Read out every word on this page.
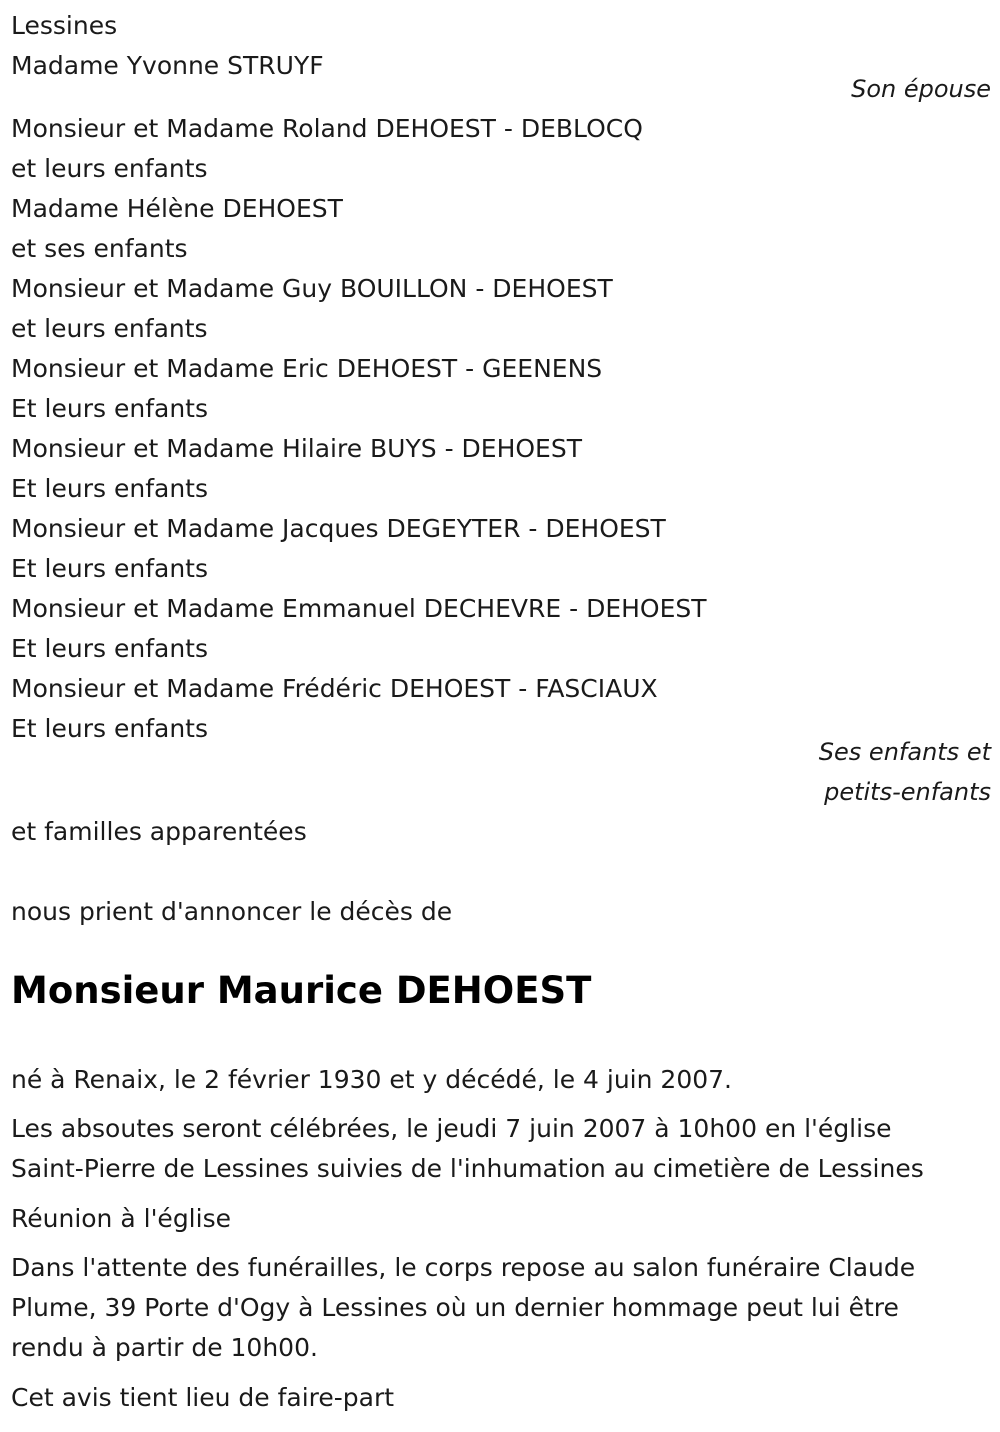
Lessines
Madame Yvonne STRUYF
Son épouse
Monsieur et Madame Roland DEHOEST - DEBLOCQ
et leurs enfants
Madame Hélène DEHOEST
et ses enfants
Monsieur et Madame Guy BOUILLON - DEHOEST
et leurs enfants
Monsieur et Madame Eric DEHOEST - GEENENS
Et leurs enfants
Monsieur et Madame Hilaire BUYS - DEHOEST
Et leurs enfants
Monsieur et Madame Jacques DEGEYTER - DEHOEST
Et leurs enfants
Monsieur et Madame Emmanuel DECHEVRE - DEHOEST
Et leurs enfants
Monsieur et Madame Frédéric DEHOEST - FASCIAUX
Et leurs enfants
Ses enfants et
petits-enfants
et familles apparentées
nous prient d'annoncer le décès de
Monsieur Maurice DEHOEST
né à Renaix, le 2 février 1930 et y décédé, le 4 juin 2007.
Les absoutes seront célébrées, le jeudi 7 juin 2007 à 10h00 en l'église
Saint-Pierre de Lessines suivies de l'inhumation au cimetière de Lessines
Réunion à l'église
Dans l'attente des funérailles, le corps repose au salon funéraire Claude
Plume, 39 Porte d'Ogy à Lessines où un dernier hommage peut lui être
rendu à partir de 10h00.
Cet avis tient lieu de faire-part
